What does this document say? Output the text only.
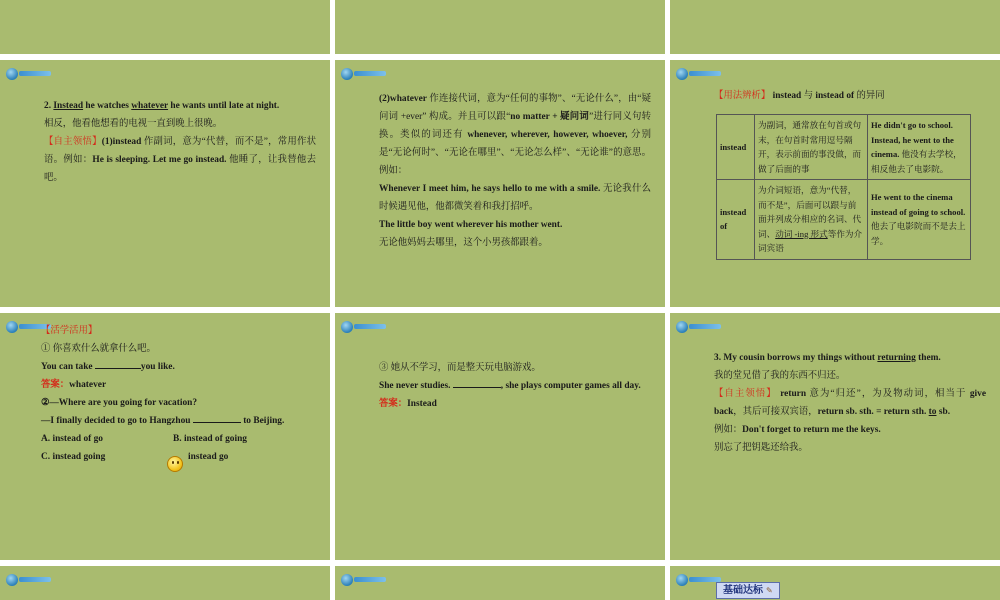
2. Instead he watches whatever he wants until late at night.

相反，他看他想看的电视一直到晚上很晚。

【自主领悟】(1)instead 作副词，意为“代替，而不是”，常用作状语。例如：He is sleeping. Let me go instead. 他睡了，让我替他去吧。

(2)whatever 作连接代词，意为“任何的事物”、“无论什么”，由“疑问词 +ever” 构成。并且可以跟“no matter + 疑问词”进行同义句转换。类似的词还有 whenever, wherever, however, whoever, 分别是“无论何时”、“无论在哪里”、“无论怎么样”、“无论谁”的意思。例如：

Whenever I meet him, he says hello to me with a smile. 无论我什么时候遇见他，他都微笑着和我打招呼。

The little boy went wherever his mother went.

无论他妈妈去哪里，这个小男孩都跟着。

【用法辨析】 instead 与 instead of 的异同
instead	为副词，通常放在句首或句末，在句首时常用逗号隔开，表示前面的事没做，而做了后面的事	He didn't go to school. Instead, he went to the cinema. 他没有去学校，相反他去了电影院。
instead of	为介词短语，意为“代替，而不是”，后面可以跟与前面并列成分相应的名词、代词、动词 -ing 形式等作为介词宾语	He went to the cinema instead of going to school. 他去了电影院而不是去上学。

【活学活用】

① 你喜欢什么就拿什么吧。

You can take	you like.

答案：whatever

②—Where are you going for vacation?

—I finally decided to go to Hangzhou	to Beijing.

A. instead of go	B. instead of going

C. instead going	instead go

③ 她从不学习，而是整天玩电脑游戏。

She never studies.	, she plays computer games all day.

答案：Instead

3. My cousin borrows my things without returning them.

我的堂兄借了我的东西不归还。

【自主领悟】 return 意为“归还”，为及物动词，相当于 give back，其后可接双宾语，return sb. sth. = return sth. to sb.

例如：Don't forget to return me the keys.

别忘了把钥匙还给我。

基础达标 ✎
